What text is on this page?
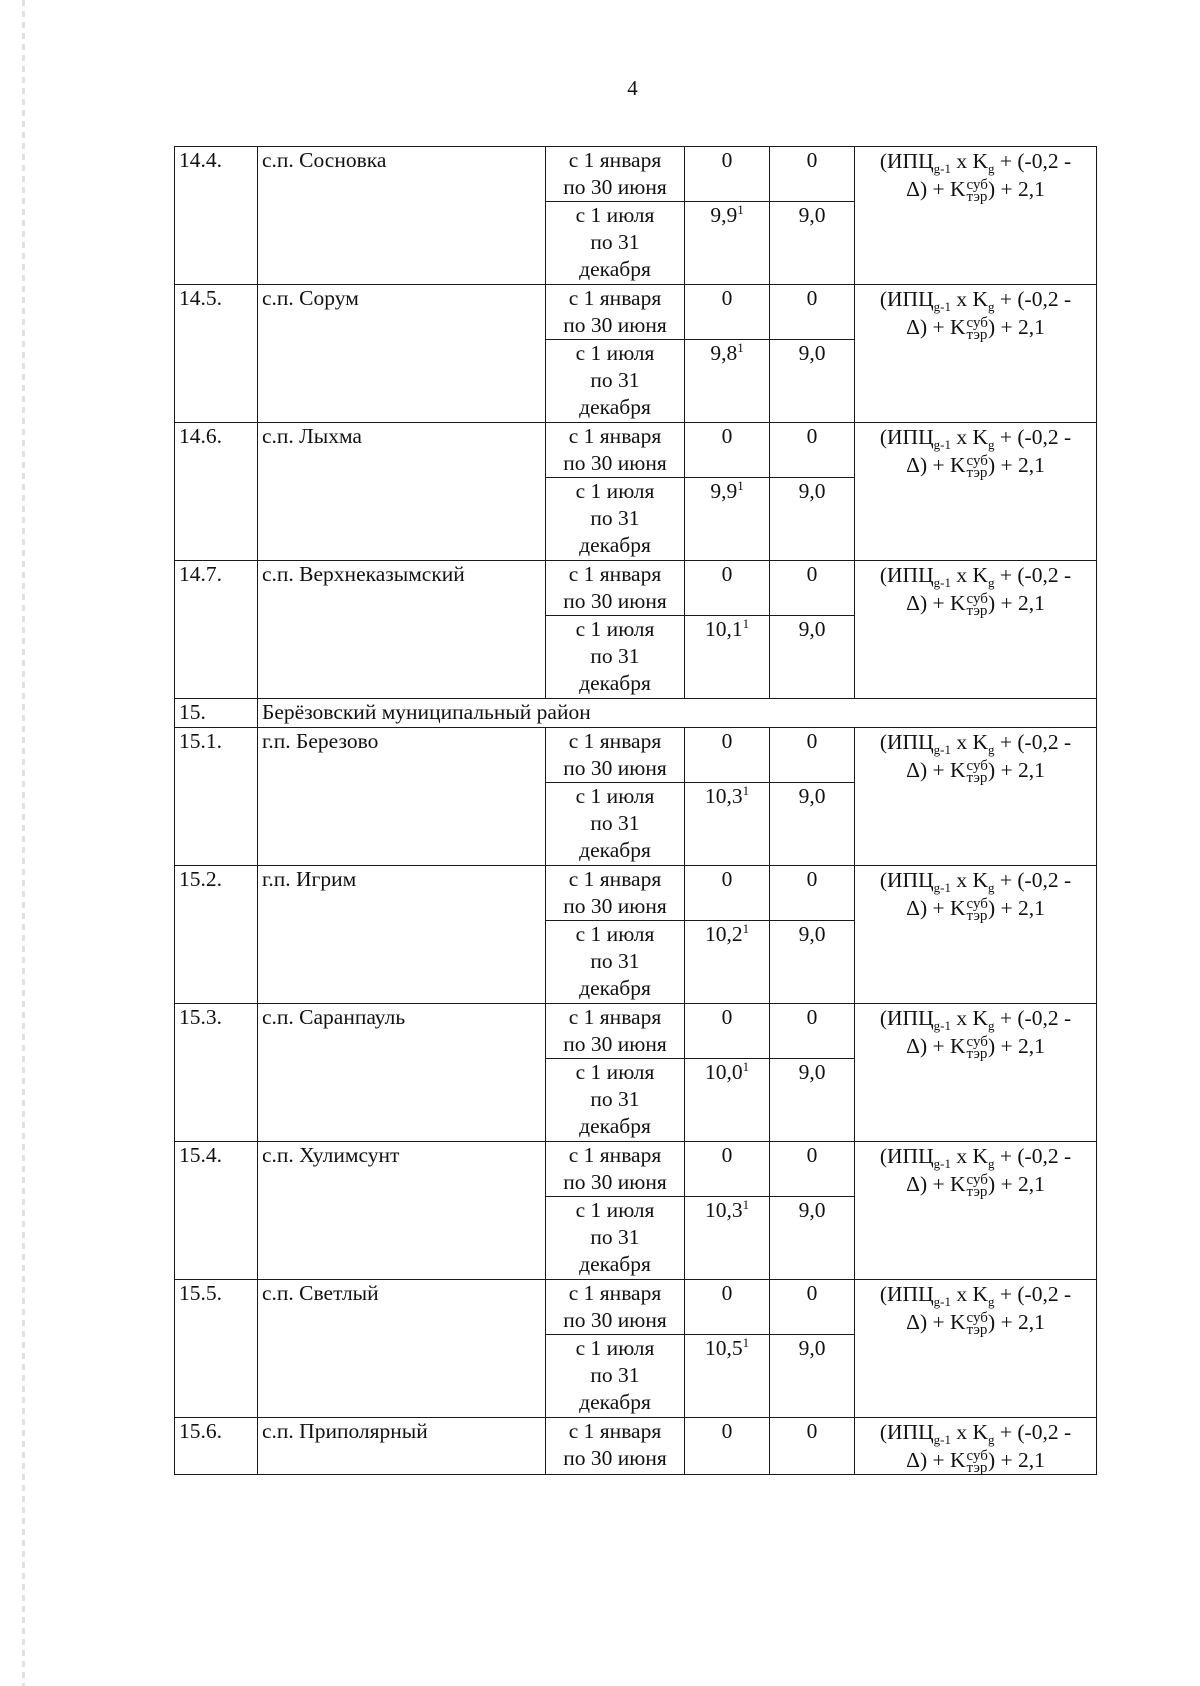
4
14.4.	с.п. Сосновка	с 1 января
по 30 июня	0	0	($ИПЦ_{g-1}$ x $K_g + (-0,2$ -
Δ) + K суб
тэр ) + 2,1
		с 1 июля
по 31
декабря	$9,9^1$	9,0	
14.5.	с.п. Сорум	с 1 января
по 30 июня	0	0	($ИПЦ_{g-1}$ x $K_g + (-0,2$ -
Δ) + K суб
тэр ) + 2,1
		с 1 июля
по 31
декабря	$9,8^1$	9,0	
14.6.	с.п. Лыхма	с 1 января
по 30 июня	0	0	($ИПЦ_{g-1}$ x $K_g + (-0,2$ -
Δ) + K суб
тэр ) + 2,1
		с 1 июля
по 31
декабря	$9,9^1$	9,0	
14.7.	с.п. Верхнеказымский	с 1 января
по 30 июня	0	0	($ИПЦ_{g-1}$ x $K_g + (-0,2$ -
Δ) + K суб
тэр ) + 2,1
		с 1 июля
по 31
декабря	10,1$^1$	9,0	
15.	Берёзовский муниципальный район				
15.1.	г.п. Березово	с 1 января
по 30 июня	0	0	($ИПЦ_{g-1}$ x $K_g + (-0,2$ -
Δ) + K суб
тэр ) + 2,1
		с 1 июля
по 31
декабря	10,3$^1$	9,0	
15.2.	г.п. Игрим	с 1 января
по 30 июня	0	0	($ИПЦ_{g-1}$ x $K_g + (-0,2$ -
Δ) + K суб
тэр ) + 2,1
		с 1 июля
по 31
декабря	10,2$^1$	9,0	
15.3.	с.п. Саранпауль	с 1 января
по 30 июня	0	0	($ИПЦ_{g-1}$ x $K_g + (-0,2$ -
Δ) + K суб
тэр ) + 2,1
		с 1 июля
по 31
декабря	10,0$^1$	9,0	
15.4.	с.п. Хулимсунт	с 1 января
по 30 июня	0	0	($ИПЦ_{g-1}$ x $K_g + (-0,2$ -
Δ) + K суб
тэр ) + 2,1
		с 1 июля
по 31
декабря	10,3$^1$	9,0	
15.5.	с.п. Светлый	с 1 января
по 30 июня	0	0	($ИПЦ_{g-1}$ x $K_g + (-0,2$ -
Δ) + K суб
тэр ) + 2,1
		с 1 июля
по 31
декабря	10,5$^1$	9,0	
15.6.	с.п. Приполярный	с 1 января
по 30 июня	0	0	($ИПЦ_{g-1}$ x $K_g + (-0,2$ -
Δ) + K суб
тэр ) + 2,1
